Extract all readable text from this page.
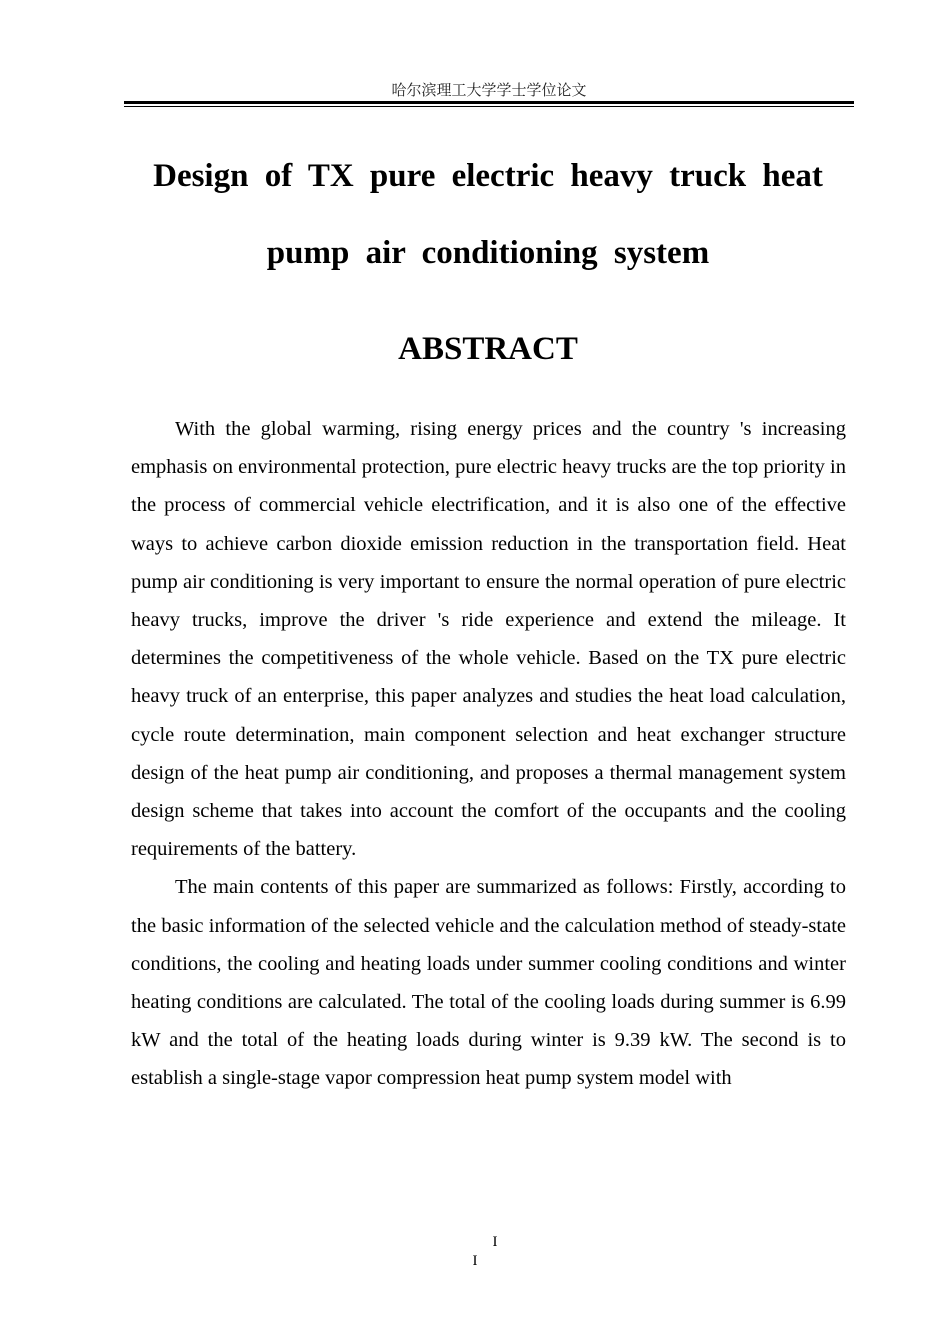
哈尔滨理工大学学士学位论文
Design of TX pure electric heavy truck heat
pump air conditioning system
ABSTRACT

With the global warming, rising energy prices and the country 's increasing emphasis on environmental protection, pure electric heavy trucks are the top priority in the process of commercial vehicle electrification, and it is also one of the effective ways to achieve carbon dioxide emission reduction in the transportation field. Heat pump air conditioning is very important to ensure the normal operation of pure electric heavy trucks, improve the driver 's ride experience and extend the mileage. It determines the competitiveness of the whole vehicle. Based on the TX pure electric heavy truck of an enterprise, this paper analyzes and studies the heat load calculation, cycle route determination, main component selection and heat exchanger structure design of the heat pump air conditioning, and proposes a thermal management system design scheme that takes into account the comfort of the occupants and the cooling requirements of the battery.

The main contents of this paper are summarized as follows: Firstly, according to the basic information of the selected vehicle and the calculation method of steady-state conditions, the cooling and heating loads under summer cooling conditions and winter heating conditions are calculated. The total of the cooling loads during summer is 6.99 kW and the total of the heating loads during winter is 9.39 kW. The second is to establish a single-stage vapor compression heat pump system model with

I
I
